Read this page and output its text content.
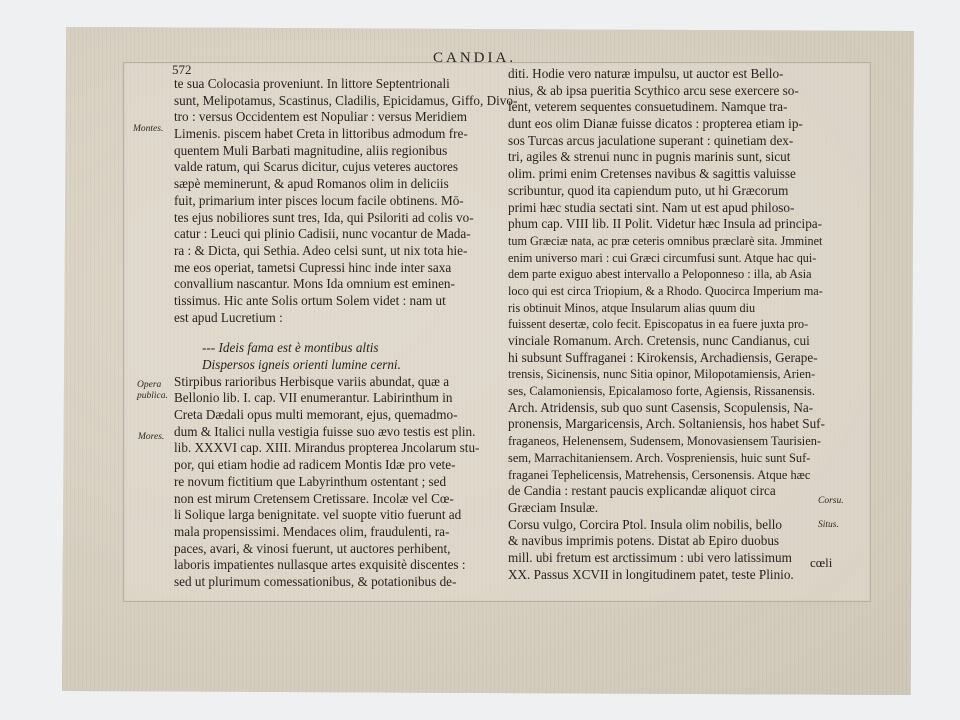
572
CANDIA.
Montes.
Opera publica.
Mores.
Corsu.
Situs.
te sua Colocasia proveniunt. In littore Septentrionali
sunt, Melipotamus, Scastinus, Cladilis, Epicidamus, Giffo, Divo-
tro : versus Occidentem est Nopuliar : versus Meridiem
Limenis. piscem habet Creta in littoribus admodum fre-
quentem Muli Barbati magnitudine, aliis regionibus
valde ratum, qui Scarus dicitur, cujus veteres auctores
sæpè meminerunt, & apud Romanos olim in deliciis
fuit, primarium inter pisces locum facile obtinens. Mō-
tes ejus nobiliores sunt tres, Ida, qui Psiloriti ad colis vo-
catur : Leuci qui plinio Cadisii, nunc vocantur de Mada-
ra : & Dicta, qui Sethia. Adeo celsi sunt, ut nix tota hie-
me eos operiat, tametsi Cupressi hinc inde inter saxa
convallium nascantur. Mons Ida omnium est eminen-
tissimus. Hic ante Solis ortum Solem videt : nam ut
est apud Lucretium :
--- Ideis fama est è montibus altis
Dispersos igneis orienti lumine cerni.
Stirpibus rarioribus Herbisque variis abundat, quæ a
Bellonio lib. I. cap. VII enumerantur. Labirinthum in
Creta Dædali opus multi memorant, ejus, quemadmo-
dum & Italici nulla vestigia fuisse suo ævo testis est plin.
lib. XXXVI cap. XIII. Mirandus propterea Jncolarum stu-
por, qui etiam hodie ad radicem Montis Idæ pro vete-
re novum fictitium que Labyrinthum ostentant ; sed
non est mirum Cretensem Cretissare. Incolæ vel Cœ-
li Solique larga benignitate. vel suopte vitio fuerunt ad
mala propensissimi. Mendaces olim, fraudulenti, ra-
paces, avari, & vinosi fuerunt, ut auctores perhibent,
laboris impatientes nullasque artes exquisitè discentes :
sed ut plurimum comessationibus, & potationibus de-
diti. Hodie vero naturæ impulsu, ut auctor est Bello-
nius, & ab ipsa pueritia Scythico arcu sese exercere so-
lent, veterem sequentes consuetudinem. Namque tra-
dunt eos olim Dianæ fuisse dicatos : propterea etiam ip-
sos Turcas arcus jaculatione superant : quinetiam dex-
tri, agiles & strenui nunc in pugnis marinis sunt, sicut
olim. primi enim Cretenses navibus & sagittis valuisse
scribuntur, quod ita capiendum puto, ut hi Græcorum
primi hæc studia sectati sint. Nam ut est apud philoso-
phum cap. VIII lib. II Polit. Videtur hæc Insula ad principa-
tum Græciæ nata, ac præ ceteris omnibus præclarè sita. Jmminet
enim universo mari : cui Græci circumfusi sunt. Atque hac qui-
dem parte exiguo abest intervallo a Peloponneso : illa, ab Asia
loco qui est circa Triopium, & a Rhodo. Quocirca Imperium ma-
ris obtinuit Minos, atque Insularum alias quum diu
fuissent desertæ, colo fecit. Episcopatus in ea fuere juxta pro-
vinciale Romanum. Arch. Cretensis, nunc Candianus, cui
hi subsunt Suffraganei : Kirokensis, Archadiensis, Gerape-
trensis, Sicinensis, nunc Sitia opinor, Milopotamiensis, Arien-
ses, Calamoniensis, Epicalamoso forte, Agiensis, Rissanensis.
Arch. Atridensis, sub quo sunt Casensis, Scopulensis, Na-
pronensis, Margaricensis, Arch. Soltaniensis, hos habet Suf-
fraganeos, Helenensem, Sudensem, Monovasiensem Taurisien-
sem, Marrachitaniensem. Arch. Vospreniensis, huic sunt Suf-
fraganei Tephelicensis, Matrehensis, Cersonensis. Atque hæc
de Candia : restant paucis explicandæ aliquot circa
Græciam Insulæ.
Corsu vulgo, Corcira Ptol. Insula olim nobilis, bello
& navibus imprimis potens. Distat ab Epiro duobus
mill. ubi fretum est arctissimum : ubi vero latissimum
XX. Passus XCVII in longitudinem patet, teste Plinio.
cœli
